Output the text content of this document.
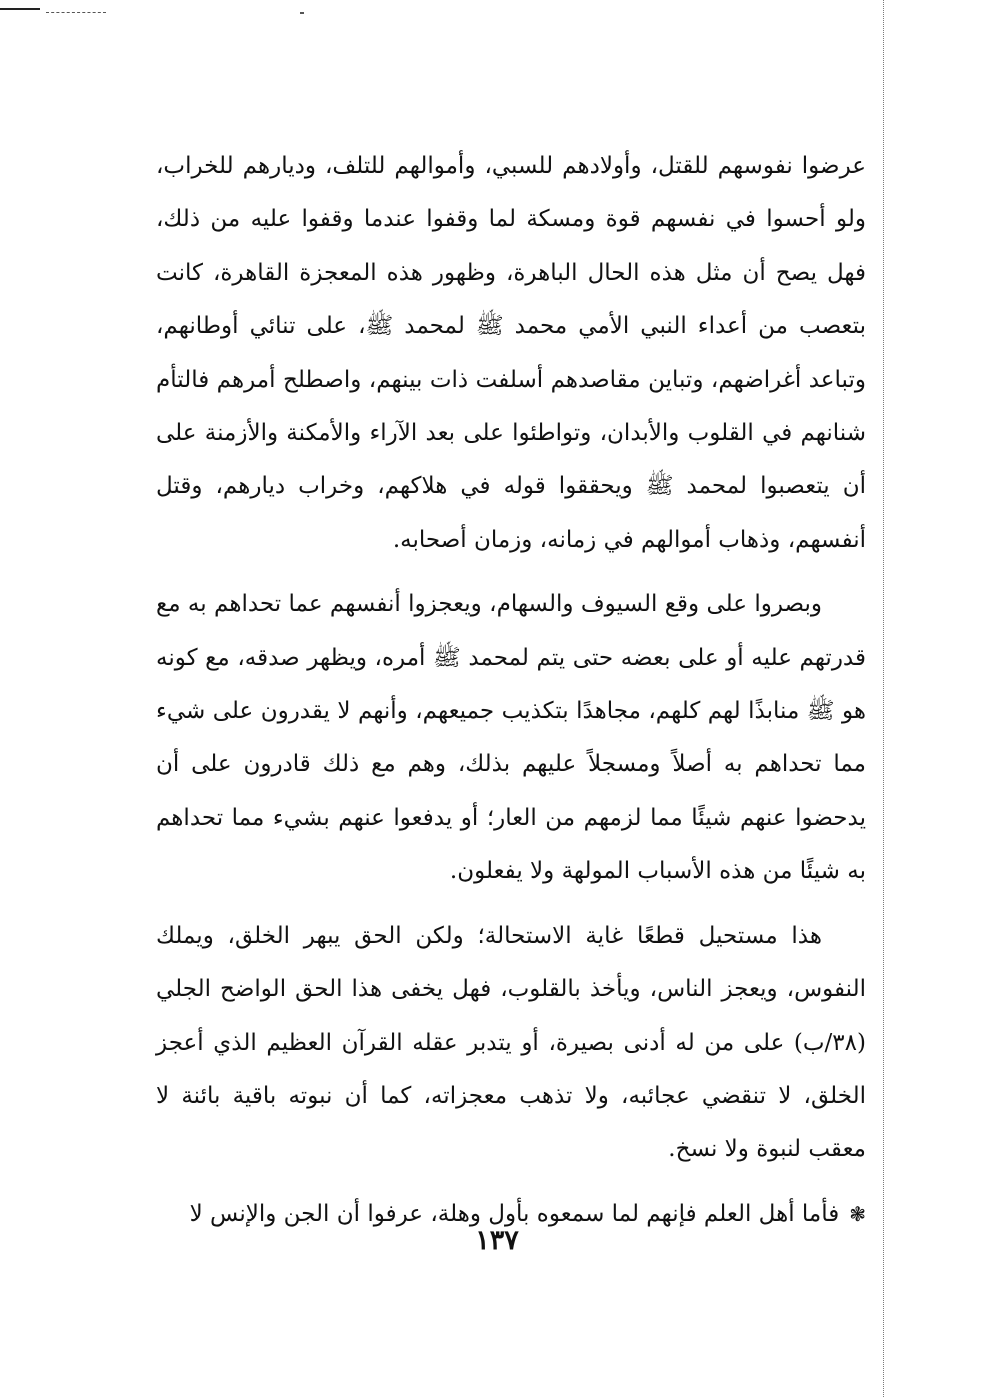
عرضوا نفوسهم للقتل، وأولادهم للسبي، وأموالهم للتلف، وديارهم للخراب، ولو أحسوا في نفسهم قوة ومسكة لما وقفوا عندما وقفوا عليه من ذلك، فهل يصح أن مثل هذه الحال الباهرة، وظهور هذه المعجزة القاهرة، كانت بتعصب من أعداء النبي الأمي محمد ﷺ لمحمد ﷺ، على تنائي أوطانهم، وتباعد أغراضهم، وتباين مقاصدهم أسلفت ذات بينهم، واصطلح أمرهم فالتأم شنانهم في القلوب والأبدان، وتواطئوا على بعد الآراء والأمكنة والأزمنة على أن يتعصبوا لمحمد ﷺ ويحققوا قوله في هلاكهم، وخراب ديارهم، وقتل أنفسهم، وذهاب أموالهم في زمانه، وزمان أصحابه.

وبصروا على وقع السيوف والسهام، ويعجزوا أنفسهم عما تحداهم به مع قدرتهم عليه أو على بعضه حتى يتم لمحمد ﷺ أمره، ويظهر صدقه، مع كونه هو ﷺ منابذًا لهم كلهم، مجاهدًا بتكذيب جميعهم، وأنهم لا يقدرون على شيء مما تحداهم به أصلاً ومسجلاً عليهم بذلك، وهم مع ذلك قادرون على أن يدحضوا عنهم شيئًا مما لزمهم من العار؛ أو يدفعوا عنهم بشيء مما تحداهم به شيئًا من هذه الأسباب المولهة ولا يفعلون.

هذا مستحيل قطعًا غاية الاستحالة؛ ولكن الحق يبهر الخلق، ويملك النفوس، ويعجز الناس، ويأخذ بالقلوب، فهل يخفى هذا الحق الواضح الجلي (٣٨/ب) على من له أدنى بصيرة، أو يتدبر عقله القرآن العظيم الذي أعجز الخلق، لا تنقضي عجائبه، ولا تذهب معجزاته، كما أن نبوته باقية بائنة لا معقب لنبوة ولا نسخ.

❃فأما أهل العلم فإنهم لما سمعوه بأول وهلة، عرفوا أن الجن والإنس لا

١٣٧
